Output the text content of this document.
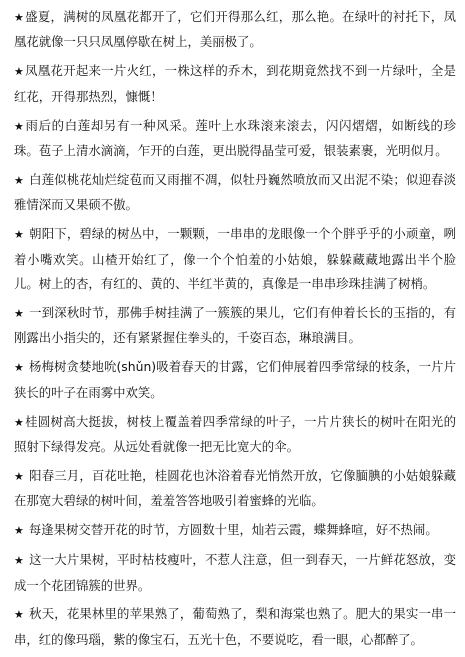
★盛夏，满树的凤凰花都开了，它们开得那么红，那么艳。在绿叶的衬托下，凤凰花就像一只只凤凰停歇在树上，美丽极了。

★凤凰花开起来一片火红，一株这样的乔木，到花期竟然找不到一片绿叶，全是红花，开得那热烈，慷慨！

★雨后的白莲却另有一种风采。莲叶上水珠滚来滚去，闪闪熠熠，如断线的珍珠。苞子上清水滴滴，乍开的白莲，更出脱得晶莹可爱，银装素裹，光明似月。

★ 白莲似桃花灿烂绽苞而又雨摧不凋，似牡丹巍然喷放而又出泥不染；似迎春淡雅情深而又果硕不傲。

★ 朝阳下，碧绿的树丛中，一颗颗，一串串的龙眼像一个个胖乎乎的小顽童，咧着小嘴欢笑。山楂开始红了，像一个个怕羞的小姑娘，躲躲藏藏地露出半个脸儿。树上的杏，有红的、黄的、半红半黄的，真像是一串串珍珠挂满了树梢。

★ 一到深秋时节，那佛手树挂满了一簇簇的果儿，它们有伸着长长的玉指的，有刚露出小指尖的，还有紧紧握住拳头的，千姿百态，琳琅满目。

★ 杨梅树贪婪地吮(shǔn)吸着春天的甘露，它们伸展着四季常绿的枝条，一片片狭长的叶子在雨雾中欢笑。

★桂圆树高大挺拔，树枝上覆盖着四季常绿的叶子，一片片狭长的树叶在阳光的照射下绿得发亮。从远处看就像一把无比宽大的伞。

★ 阳春三月，百花吐艳，桂圆花也沐浴着春光悄然开放，它像腼腆的小姑娘躲藏在那宽大碧绿的树叶间，羞羞答答地吸引着蜜蜂的光临。

★ 每逢果树交替开花的时节，方圆数十里，灿若云霞，蝶舞蜂喧，好不热闹。

★ 这一大片果树，平时枯枝瘦叶，不惹人注意，但一到春天，一片鲜花怒放，变成一个花团锦簇的世界。

★ 秋天，花果林里的苹果熟了，葡萄熟了，梨和海棠也熟了。肥大的果实一串一串，红的像玛瑙，紫的像宝石，五光十色，不要说吃，看一眼，心都醉了。
